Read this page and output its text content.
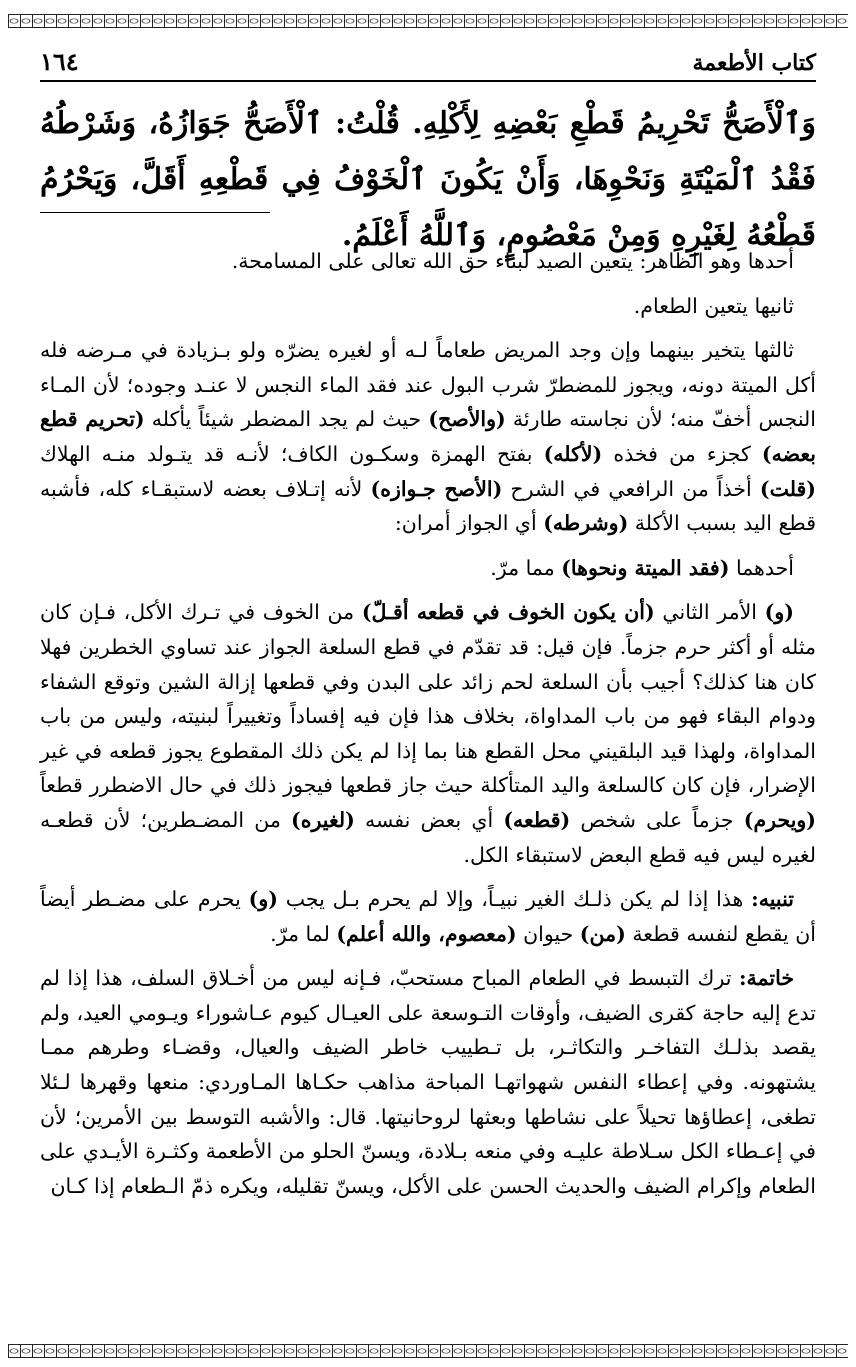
كتاب الأطعمة
١٦٤
وَٱلْأَصَحُّ تَحْرِيمُ قَطْعِ بَعْضِهِ لِأَكْلِهِ. قُلْتُ: ٱلْأَصَحُّ جَوَازُهُ، وَشَرْطُهُ فَقْدُ ٱلْمَيْتَةِ وَنَحْوِهَا، وَأَنْ يَكُونَ ٱلْخَوْفُ فِي قَطْعِهِ أَقَلَّ، وَيَحْرُمُ قَطْعُهُ لِغَيْرِهِ وَمِنْ مَعْصُومٍ، وَٱللَّهُ أَعْلَمُ.

أحدها وهو الظاهر: يتعين الصيد لبناء حق الله تعالى على المسامحة.

ثانيها يتعين الطعام.

ثالثها يتخير بينهما وإن وجد المريض طعاماً لـه أو لغيره يضرّه ولو بـزيادة في مـرضه فله أكل الميتة دونه، ويجوز للمضطرّ شرب البول عند فقد الماء النجس لا عنـد وجوده؛ لأن المـاء النجس أخفّ منه؛ لأن نجاسته طارئة (والأصح) حيث لم يجد المضطر شيئاً يأكله (تحريم قطع بعضه) كجزء من فخذه (لأكله) بفتح الهمزة وسكـون الكاف؛ لأنـه قد يتـولد منـه الهلاك (قلت) أخذاً من الرافعي في الشرح (الأصح جـوازه) لأنه إتـلاف بعضه لاستبقـاء كله، فأشبه قطع اليد بسبب الأكلة (وشرطه) أي الجواز أمران:

أحدهما (فقد الميتة ونحوها) مما مرّ.

(و) الأمر الثاني (أن يكون الخوف في قطعه أقـلّ) من الخوف في تـرك الأكل، فـإن كان مثله أو أكثر حرم جزماً. فإن قيل: قد تقدّم في قطع السلعة الجواز عند تساوي الخطرين فهلا كان هنا كذلك؟ أجيب بأن السلعة لحم زائد على البدن وفي قطعها إزالة الشين وتوقع الشفاء ودوام البقاء فهو من باب المداواة، بخلاف هذا فإن فيه إفساداً وتغييراً لبنيته، وليس من باب المداواة، ولهذا قيد البلقيني محل القطع هنا بما إذا لم يكن ذلك المقطوع يجوز قطعه في غير الإضرار، فإن كان كالسلعة واليد المتأكلة حيث جاز قطعها فيجوز ذلك في حال الاضطرر قطعاً (ويحرم) جزماً على شخص (قطعه) أي بعض نفسه (لغيره) من المضـطرين؛ لأن قطعـه لغيره ليس فيه قطع البعض لاستبقاء الكل.

تنبيه: هذا إذا لم يكن ذلـك الغير نبيـاً، وإلا لم يحرم بـل يجب (و) يحرم على مضـطر أيضاً أن يقطع لنفسه قطعة (من) حيوان (معصوم، والله أعلم) لما مرّ.

خاتمة: ترك التبسط في الطعام المباح مستحبّ، فـإنه ليس من أخـلاق السلف، هذا إذا لم تدع إليه حاجة كقرى الضيف، وأوقات التـوسعة على العيـال كيوم عـاشوراء ويـومي العيد، ولم يقصد بذلـك التفاخـر والتكاثـر، بل تـطييب خاطر الضيف والعيال، وقضـاء وطرهم ممـا يشتهونه. وفي إعطاء النفس شهواتهـا المباحة مذاهب حكـاها المـاوردي: منعها وقهرها لـئلا تطغى، إعطاؤها تحيلاً على نشاطها وبعثها لروحانيتها. قال: والأشبه التوسط بين الأمرين؛ لأن في إعـطاء الكل سـلاطة عليـه وفي منعه بـلادة، ويسنّ الحلو من الأطعمة وكثـرة الأيـدي على الطعام وإكرام الضيف والحديث الحسن على الأكل، ويسنّ تقليله، ويكره ذمّ الـطعام إذا كـان
